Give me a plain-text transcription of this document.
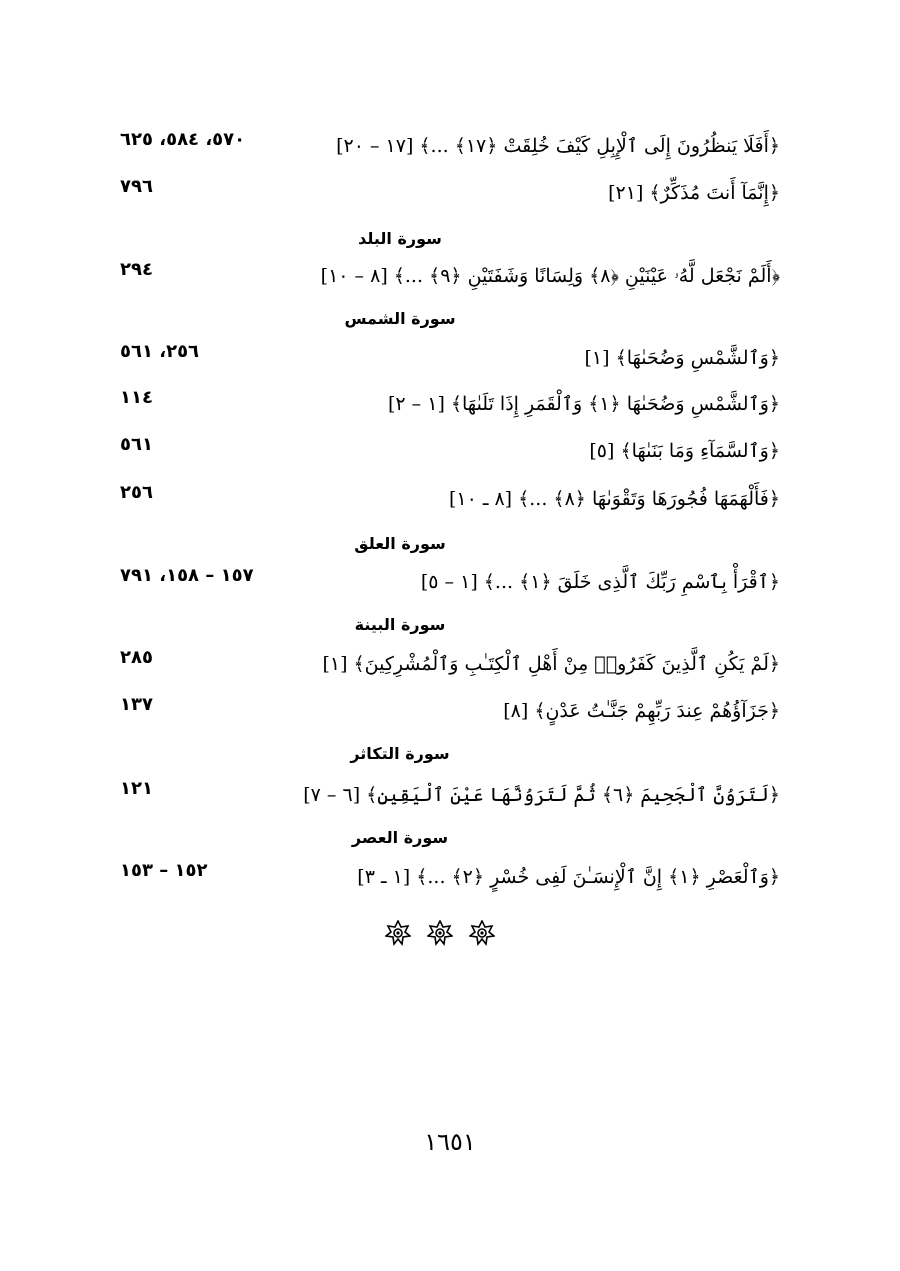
﴿أَفَلَا يَنظُرُونَ إِلَى ٱلْإِبِلِ كَيْفَ خُلِقَتْ ﴿١٧﴾ ...﴾ [١٧ – ٢٠]
٥٧٠، ٥٨٤، ٦٢٥
﴿إِنَّمَآ أَنتَ مُذَكِّرٌ﴾ [٢١]
٧٩٦
سورة البلد
﴿أَلَمْ نَجْعَل لَّهُۥ عَيْنَيْنِ ﴿٨﴾ وَلِسَانًا وَشَفَتَيْنِ ﴿٩﴾ ...﴾ [٨ – ١٠]
٢٩٤
سورة الشمس
﴿وَٱلشَّمْسِ وَضُحَىٰهَا﴾ [١]
٢٥٦، ٥٦١
﴿وَٱلشَّمْسِ وَضُحَىٰهَا ﴿١﴾ وَٱلْقَمَرِ إِذَا تَلَىٰهَا﴾ [١ – ٢]
١١٤
﴿وَٱلسَّمَآءِ وَمَا بَنَىٰهَا﴾ [٥]
٥٦١
﴿فَأَلْهَمَهَا فُجُورَهَا وَتَقْوَىٰهَا ﴿٨﴾ ...﴾ [٨ ـ ١٠]
٢٥٦
سورة العلق
﴿ٱقْرَأْ بِٱسْمِ رَبِّكَ ٱلَّذِى خَلَقَ ﴿١﴾ ...﴾ [١ – ٥]
١٥٧ – ١٥٨، ٧٩١
سورة البينة
﴿لَمْ يَكُنِ ٱلَّذِينَ كَفَرُوا۟ مِنْ أَهْلِ ٱلْكِتَـٰبِ وَٱلْمُشْرِكِينَ﴾ [١]
٢٨٥
﴿جَزَآؤُهُمْ عِندَ رَبِّهِمْ جَنَّـٰتُ عَدْنٍ﴾ [٨]
١٣٧
سورة التكاثر
﴿لَتَرَوُنَّ ٱلْجَحِيمَ ﴿٦﴾ ثُمَّ لَتَرَوُنَّهَا عَيْنَ ٱلْيَقِينِ﴾ [٦ – ٧]
١٢١
سورة العصر
﴿وَٱلْعَصْرِ ﴿١﴾ إِنَّ ٱلْإِنسَـٰنَ لَفِى خُسْرٍ ﴿٢﴾ ...﴾ [١ ـ ٣]
١٥٢ – ١٥٣
١٦٥١
